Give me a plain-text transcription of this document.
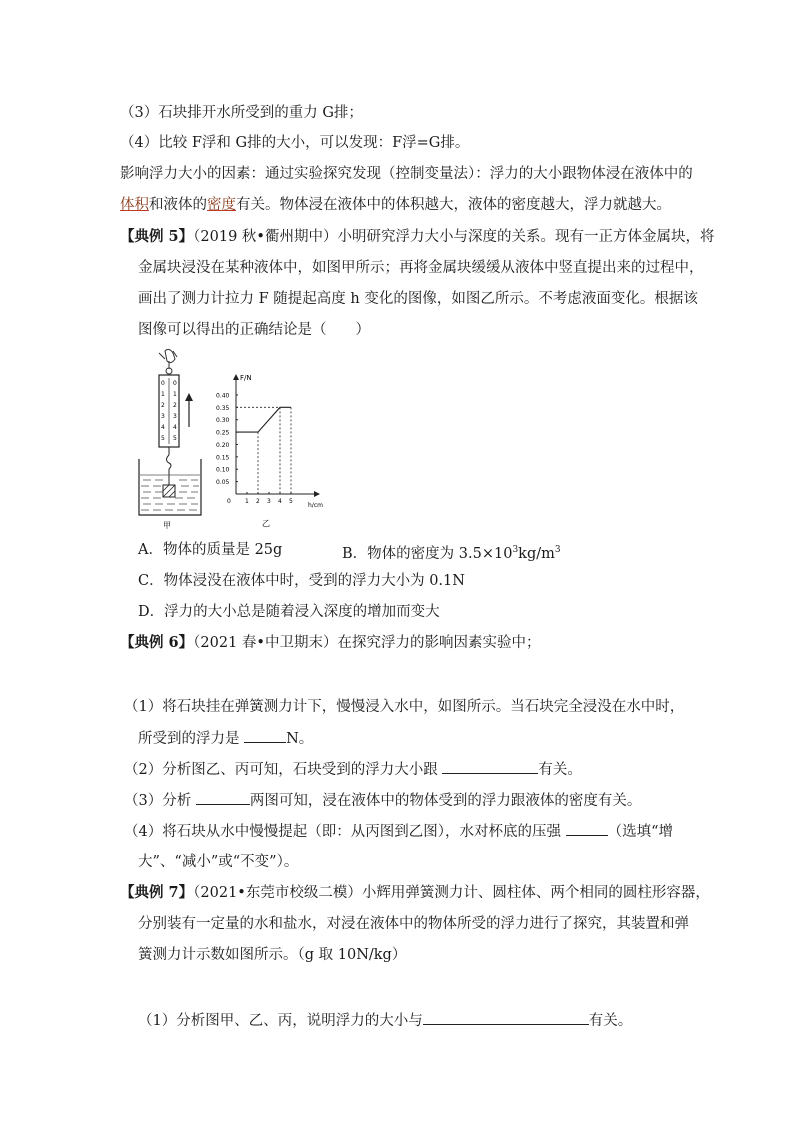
（3）石块排开水所受到的重力 G排；
（4）比较 F浮和 G排的大小，可以发现：F浮=G排。
影响浮力大小的因素：通过实验探究发现（控制变量法）：浮力的大小跟物体浸在液体中的
体积和液体的密度有关。物体浸在液体中的体积越大，液体的密度越大，浮力就越大。
【典例 5】（2019 秋•衢州期中）小明研究浮力大小与深度的关系。现有一正方体金属块，将
金属块浸没在某种液体中，如图甲所示；再将金属块缓缓从液体中竖直提出来的过程中，
画出了测力计拉力 F 随提起高度 h 变化的图像，如图乙所示。不考虑液面变化。根据该
图像可以得出的正确结论是（　　）
0
1
2
3
4
5
0
1
2
3
4
5
甲
F/N
h/cm
0.05
0.10
0.15
0.20
0.25
0.30
0.35
0.40
0 1 2 3 4 5
乙
A．物体的质量是 25g	B．物体的密度为 $3.5\times 10^3kg/m^3$
C．物体浸没在液体中时，受到的浮力大小为 0.1N
D．浮力的大小总是随着浸入深度的增加而变大
【典例 6】（2021 春•中卫期末）在探究浮力的影响因素实验中；
（1）将石块挂在弹簧测力计下，慢慢浸入水中，如图所示。当石块完全浸没在水中时，
所受到的浮力是	N。
（2）分析图乙、丙可知，石块受到的浮力大小跟	有关。
（3）分析	两图可知，浸在液体中的物体受到的浮力跟液体的密度有关。
（4）将石块从水中慢慢提起（即：从丙图到乙图），水对杯底的压强	（选填“增
大”、“减小”或“不变”）。
【典例 7】（2021•东莞市校级二模）小辉用弹簧测力计、圆柱体、两个相同的圆柱形容器，
分别装有一定量的水和盐水，对浸在液体中的物体所受的浮力进行了探究，其装置和弹
簧测力计示数如图所示。（g 取 10N/kg）
（1）分析图甲、乙、丙，说明浮力的大小与	有关。
